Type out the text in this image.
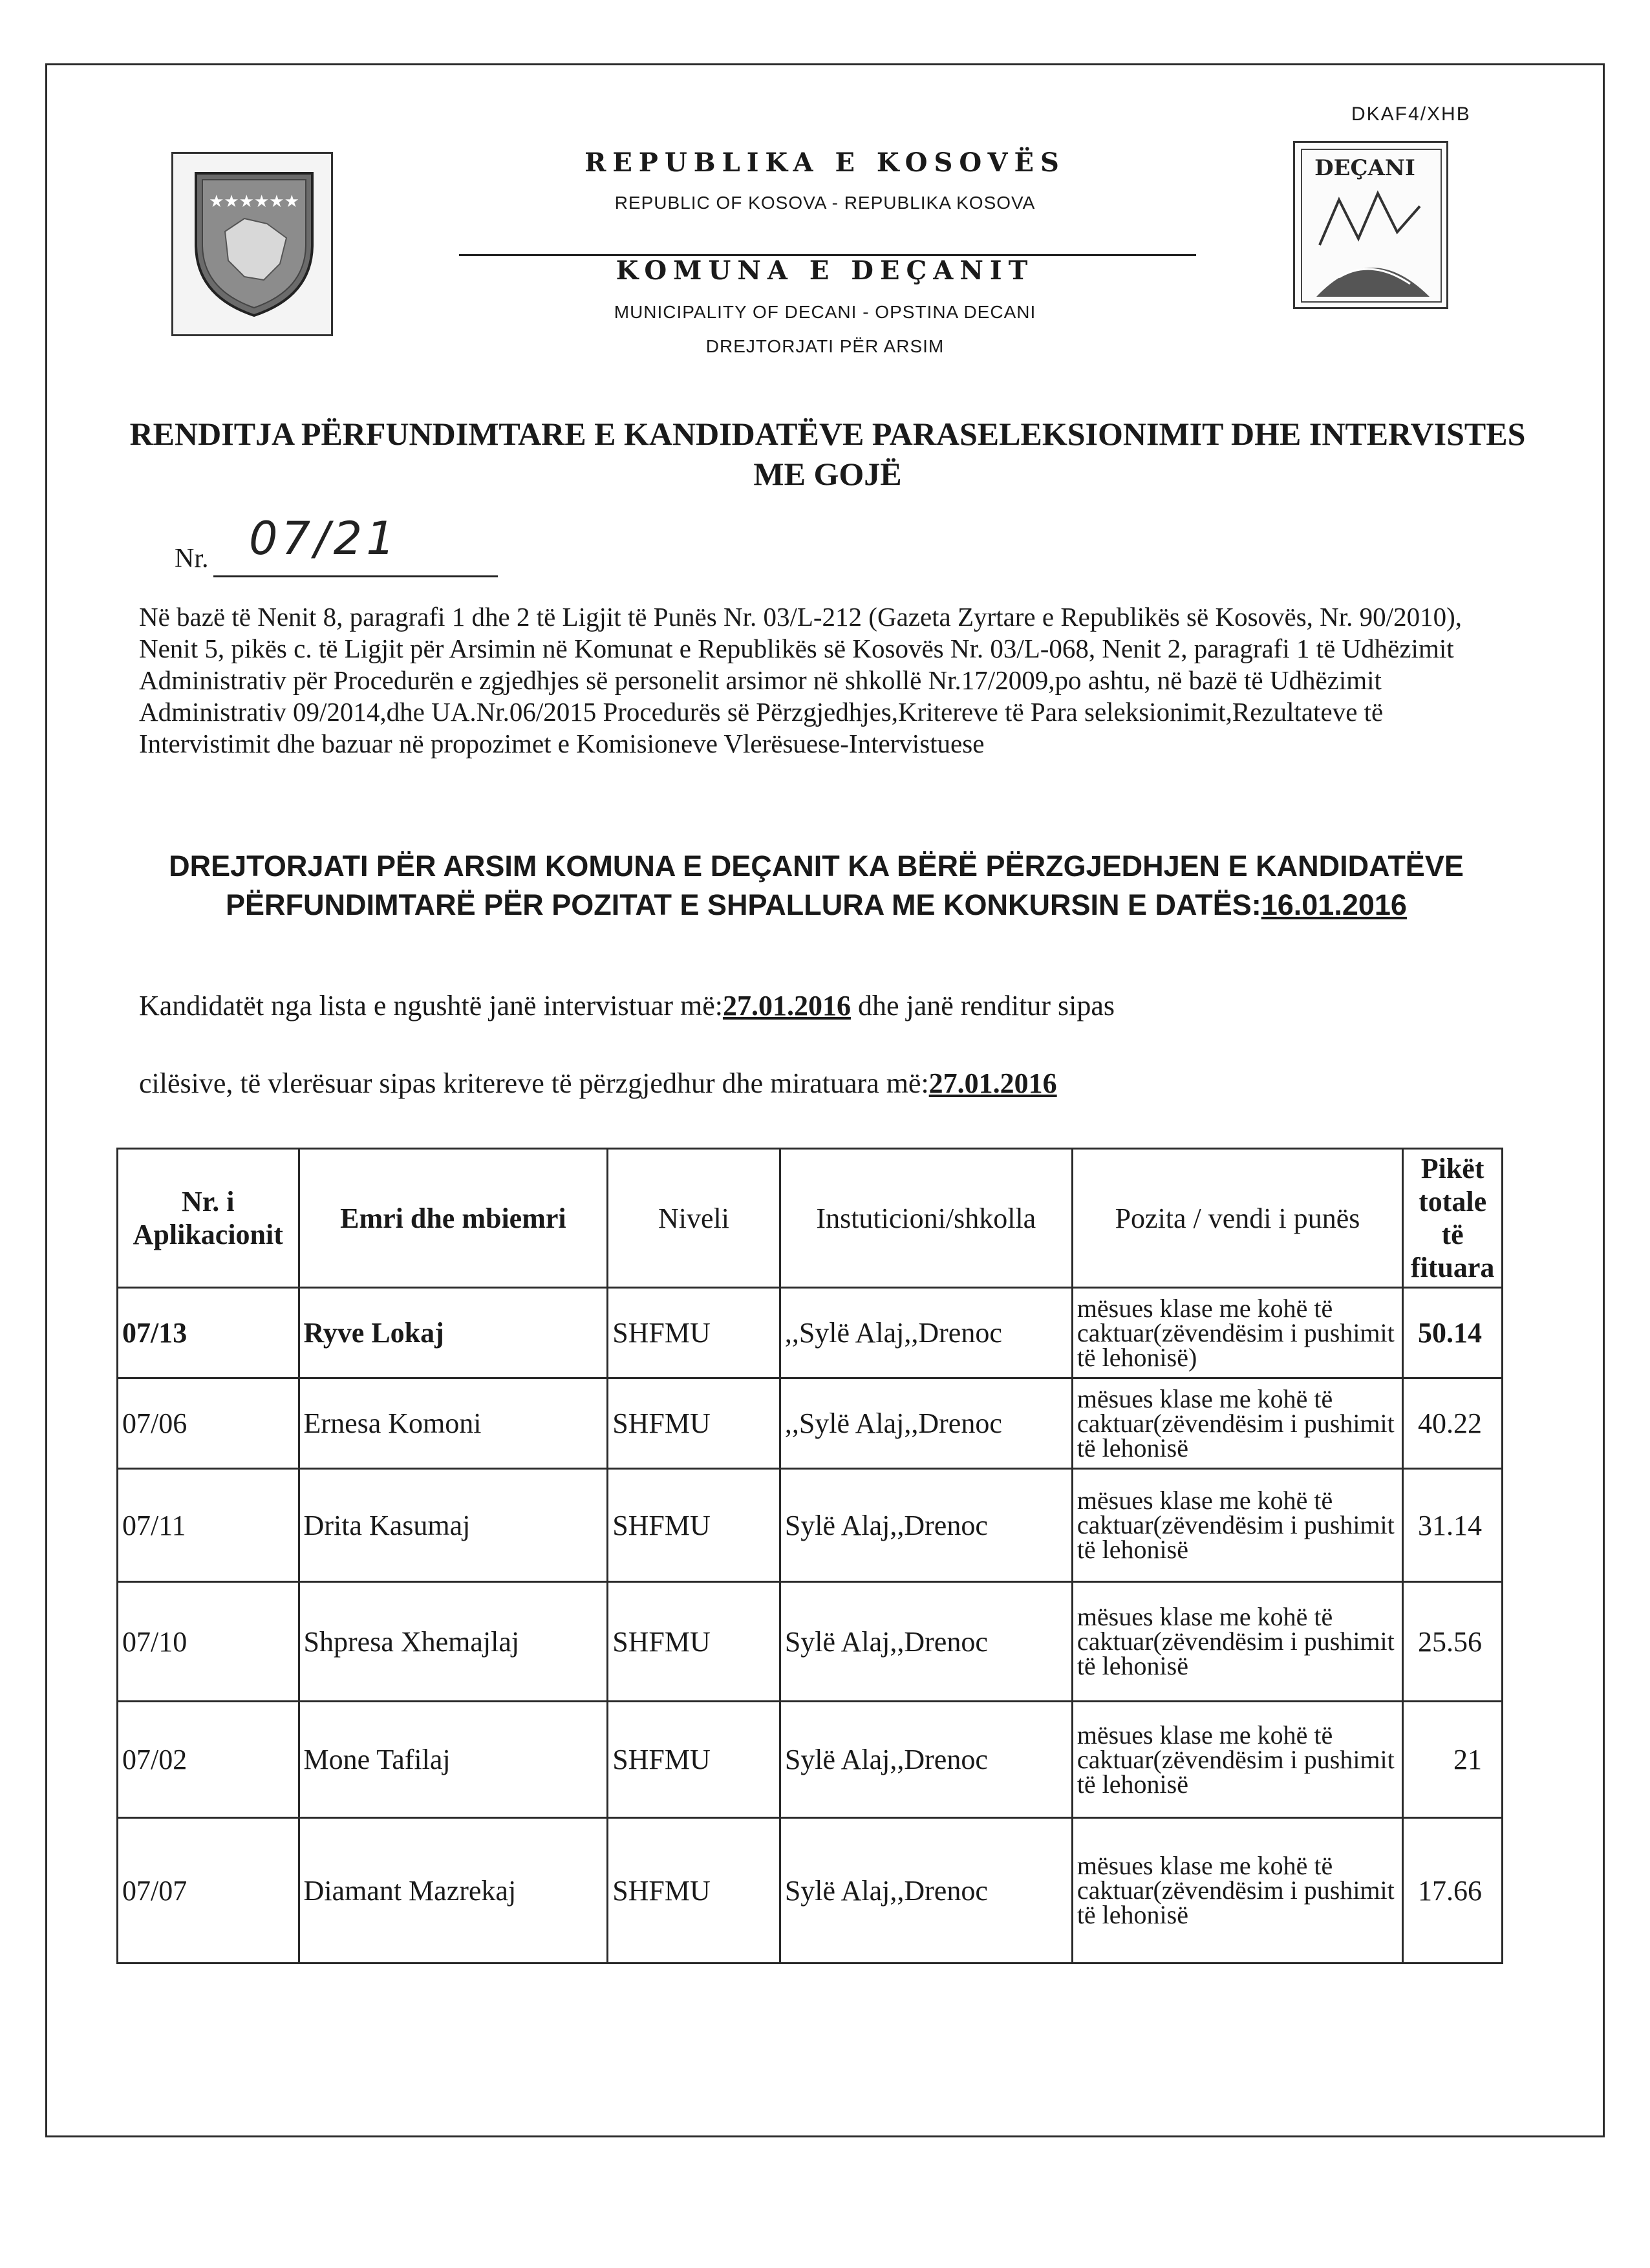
DKAF4/XHB
★★★★★★
REPUBLIKA E KOSOVËS
REPUBLIC OF KOSOVA - REPUBLIKA KOSOVA
KOMUNA E DEÇANIT
MUNICIPALITY OF DECANI - OPSTINA DECANI
DREJTORJATI PËR ARSIM
DEÇANI
RENDITJA PËRFUNDIMTARE E KANDIDATËVE PARASELEKSIONIMIT DHE INTERVISTES ME GOJË
Nr. 07/21
Në bazë të Nenit 8, paragrafi 1 dhe 2 të Ligjit të Punës Nr. 03/L-212 (Gazeta Zyrtare e Republikës së Kosovës, Nr. 90/2010), Nenit 5, pikës c. të Ligjit për Arsimin në Komunat e Republikës së Kosovës Nr. 03/L-068, Nenit 2, paragrafi 1 të Udhëzimit Administrativ për Procedurën e zgjedhjes së personelit arsimor në shkollë Nr.17/2009,po ashtu, në bazë të Udhëzimit Administrativ 09/2014,dhe UA.Nr.06/2015 Procedurës së Përzgjedhjes,Kritereve të Para seleksionimit,Rezultateve të Intervistimit dhe bazuar në propozimet e Komisioneve Vlerësuese-Intervistuese
DREJTORJATI PËR ARSIM KOMUNA E DEÇANIT KA BËRË PËRZGJEDHJEN E KANDIDATËVE PËRFUNDIMTARË PËR POZITAT E SHPALLURA ME KONKURSIN E DATËS:16.01.2016
Kandidatët nga lista e ngushtë janë intervistuar më:27.01.2016 dhe janë renditur sipas
cilësive, të vlerësuar sipas kritereve të përzgjedhur dhe miratuara më:27.01.2016
Nr. i Aplikacionit	Emri dhe mbiemri	Niveli	Instuticioni/shkolla	Pozita / vendi i punës	Pikët totale të fituara
07/13	Ryve Lokaj	SHFMU	,,Sylë Alaj,,Drenoc	mësues klase me kohë të caktuar(zëvendësim i pushimit të lehonisë)	50.14
07/06	Ernesa Komoni	SHFMU	,,Sylë Alaj,,Drenoc	mësues klase me kohë të caktuar(zëvendësim i pushimit të lehonisë	40.22
07/11	Drita Kasumaj	SHFMU	Sylë Alaj,,Drenoc	mësues klase me kohë të caktuar(zëvendësim i pushimit të lehonisë	31.14
07/10	Shpresa Xhemajlaj	SHFMU	Sylë Alaj,,Drenoc	mësues klase me kohë të caktuar(zëvendësim i pushimit të lehonisë	25.56
07/02	Mone Tafilaj	SHFMU	Sylë Alaj,,Drenoc	mësues klase me kohë të caktuar(zëvendësim i pushimit të lehonisë	21
07/07	Diamant Mazrekaj	SHFMU	Sylë Alaj,,Drenoc	mësues klase me kohë të caktuar(zëvendësim i pushimit të lehonisë	17.66
